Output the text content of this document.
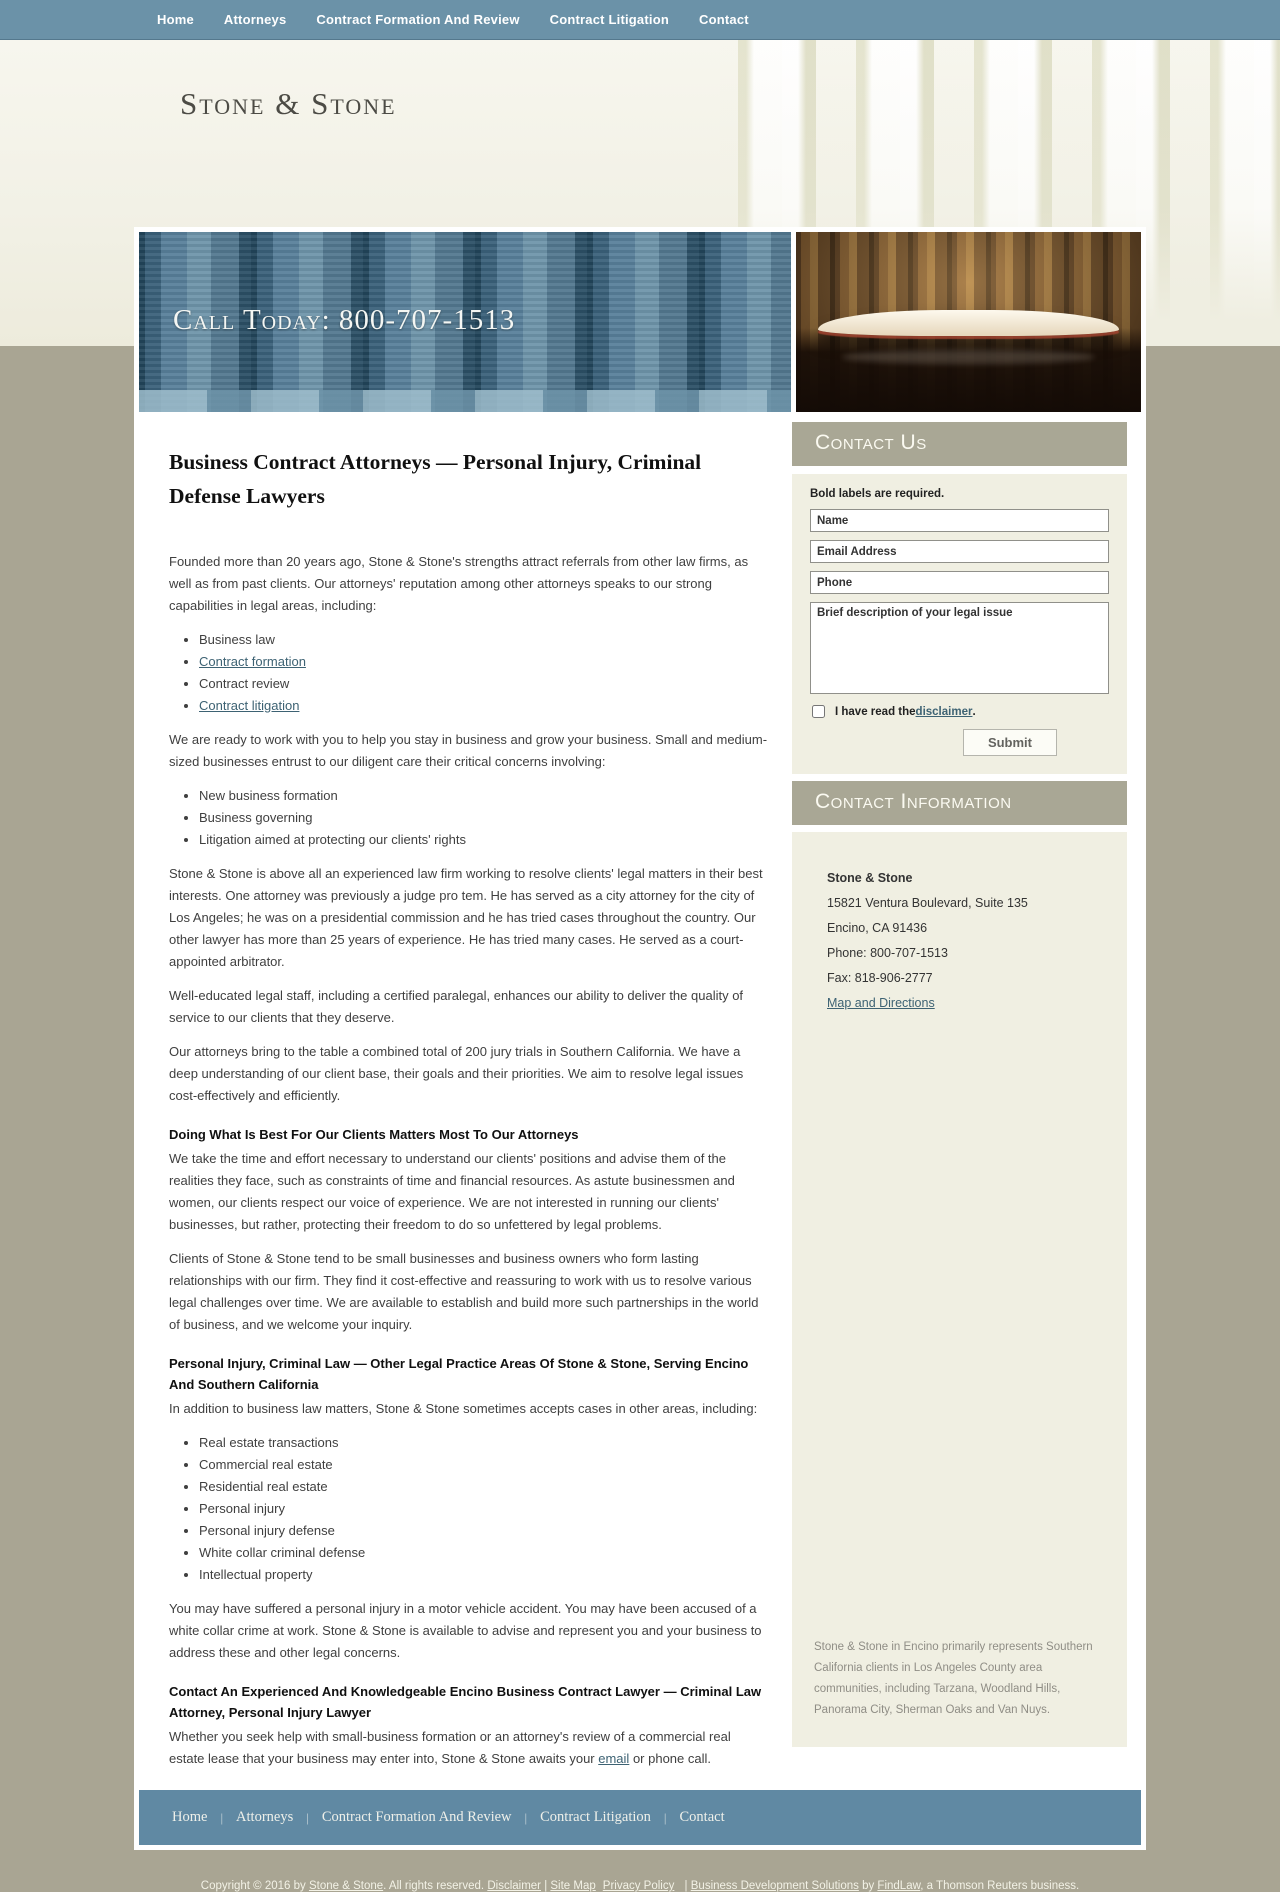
Home Attorneys Contract Formation And Review Contract Litigation Contact
Stone & Stone
Call Today: 800-707-1513
Business Contract Attorneys — Personal Injury, Criminal Defense Lawyers

Founded more than 20 years ago, Stone & Stone's strengths attract referrals from other law firms, as well as from past clients. Our attorneys' reputation among other attorneys speaks to our strong capabilities in legal areas, including:

• Business law
• Contract formation
• Contract review
• Contract litigation

We are ready to work with you to help you stay in business and grow your business. Small and medium-sized businesses entrust to our diligent care their critical concerns involving:

• New business formation
• Business governing
• Litigation aimed at protecting our clients' rights

Stone & Stone is above all an experienced law firm working to resolve clients' legal matters in their best interests. One attorney was previously a judge pro tem. He has served as a city attorney for the city of Los Angeles; he was on a presidential commission and he has tried cases throughout the country. Our other lawyer has more than 25 years of experience. He has tried many cases. He served as a court-appointed arbitrator.

Well-educated legal staff, including a certified paralegal, enhances our ability to deliver the quality of service to our clients that they deserve.

Our attorneys bring to the table a combined total of 200 jury trials in Southern California. We have a deep understanding of our client base, their goals and their priorities. We aim to resolve legal issues cost-effectively and efficiently.

Doing What Is Best For Our Clients Matters Most To Our Attorneys

We take the time and effort necessary to understand our clients' positions and advise them of the realities they face, such as constraints of time and financial resources. As astute businessmen and women, our clients respect our voice of experience. We are not interested in running our clients' businesses, but rather, protecting their freedom to do so unfettered by legal problems.

Clients of Stone & Stone tend to be small businesses and business owners who form lasting relationships with our firm. They find it cost-effective and reassuring to work with us to resolve various legal challenges over time. We are available to establish and build more such partnerships in the world of business, and we welcome your inquiry.

Personal Injury, Criminal Law — Other Legal Practice Areas Of Stone & Stone, Serving Encino And Southern California

In addition to business law matters, Stone & Stone sometimes accepts cases in other areas, including:

• Real estate transactions
• Commercial real estate
• Residential real estate
• Personal injury
• Personal injury defense
• White collar criminal defense
• Intellectual property

You may have suffered a personal injury in a motor vehicle accident. You may have been accused of a white collar crime at work. Stone & Stone is available to advise and represent you and your business to address these and other legal concerns.

Contact An Experienced And Knowledgeable Encino Business Contract Lawyer — Criminal Law Attorney, Personal Injury Lawyer

Whether you seek help with small-business formation or an attorney's review of a commercial real estate lease that your business may enter into, Stone & Stone awaits your email or phone call.

Contact Us
Bold labels are required.
Name
Email Address
Phone
Brief description of your legal issue
I have read the disclaimer .
Submit
Contact Information
Stone & Stone
15821 Ventura Boulevard, Suite 135
Encino, CA 91436
Phone: 800-707-1513
Fax: 818-906-2777
Map and Directions
Stone & Stone in Encino primarily represents Southern California clients in Los Angeles County area communities, including Tarzana, Woodland Hills, Panorama City, Sherman Oaks and Van Nuys.
Home | Attorneys | Contract Formation And Review | Contract Litigation | Contact
Copyright © 2016 by Stone & Stone. All rights reserved. Disclaimer | Site Map Privacy Policy | Business Development Solutions by FindLaw, a Thomson Reuters business.
